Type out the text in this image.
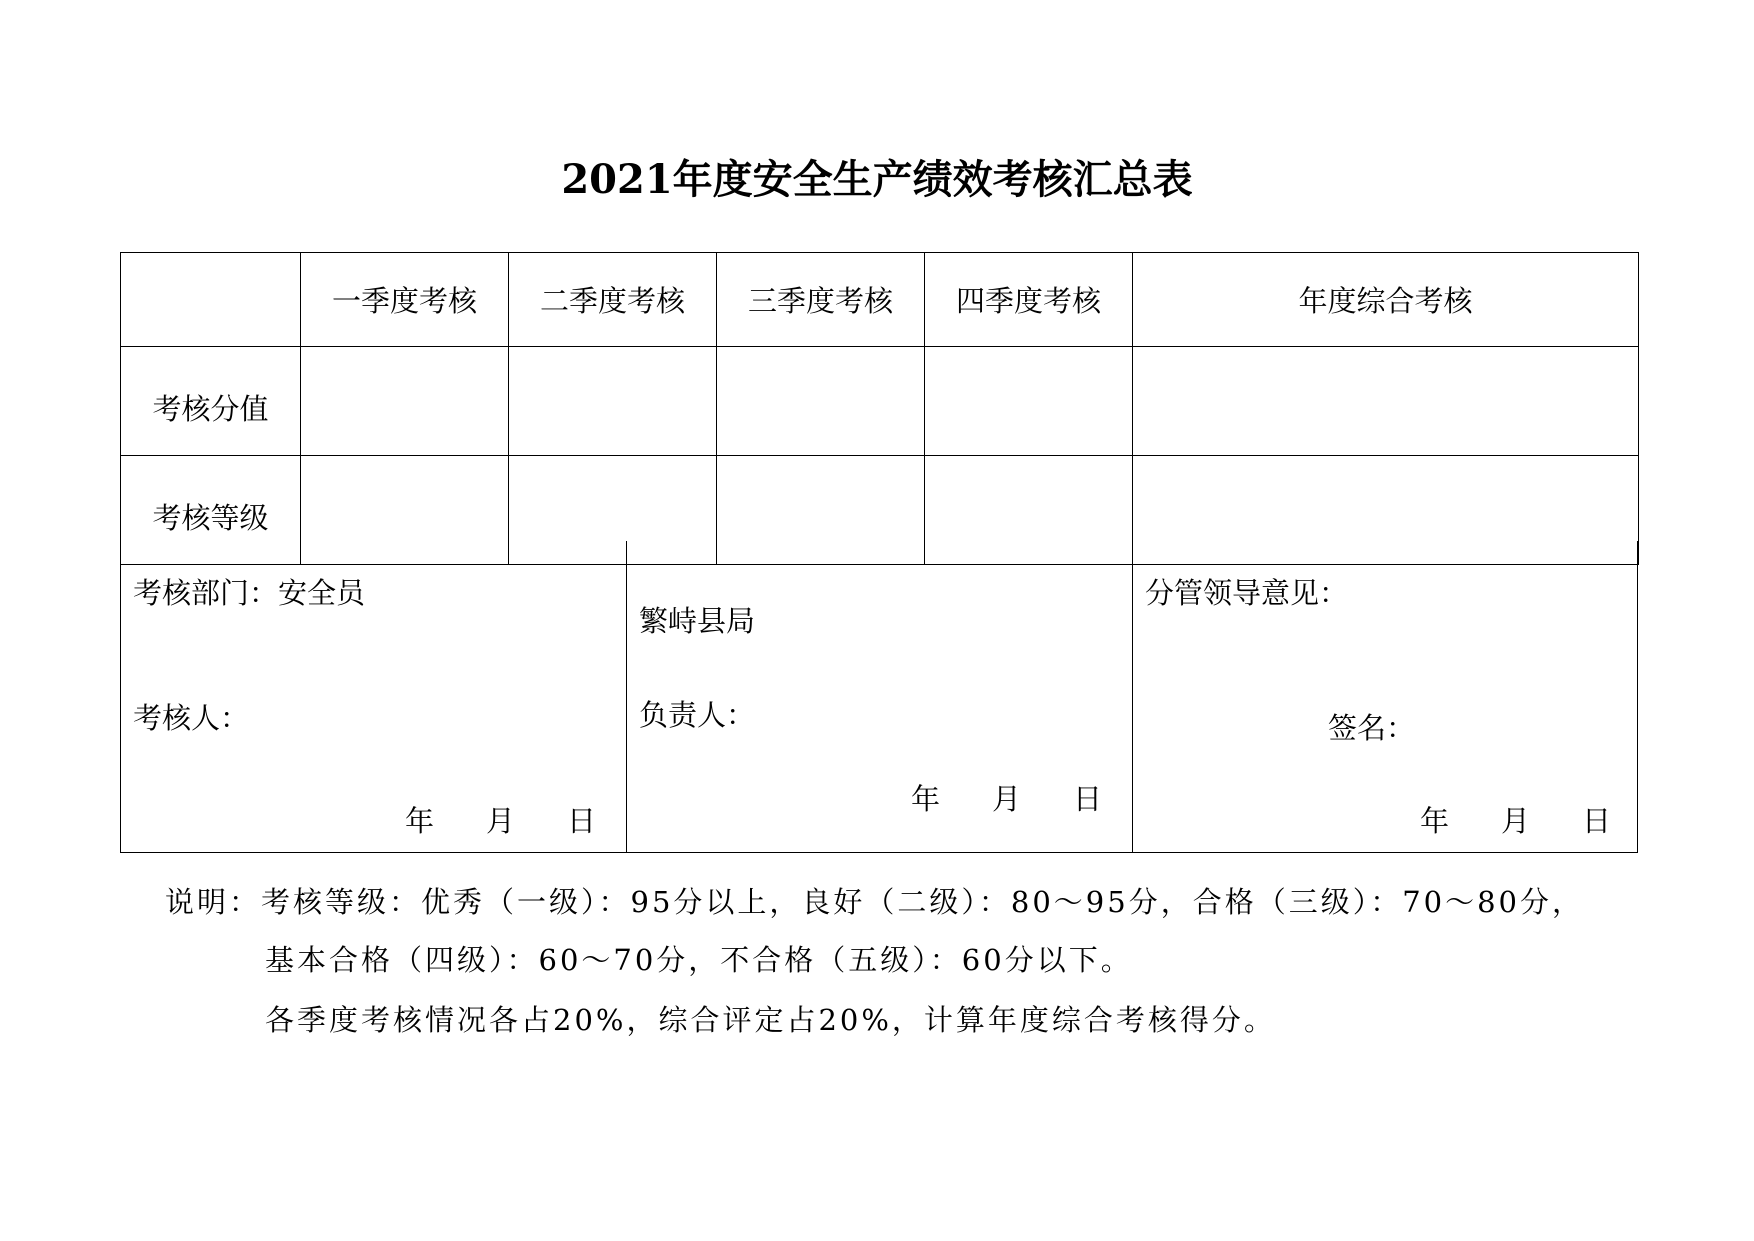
2021年度安全生产绩效考核汇总表
	一季度考核	二季度考核	三季度考核	四季度考核	年度综合考核
考核分值					
考核等级					
考核部门：安全员
考核人：
年 月 日
繁峙县局
负责人：
年 月 日
分管领导意见：
签名：
年 月 日
说明：考核等级：优秀（一级）：95分以上，良好（二级）：80～95分，合格（三级）：70～80分，
基本合格（四级）：60～70分，不合格（五级）：60分以下。
各季度考核情况各占20%，综合评定占20%，计算年度综合考核得分。
